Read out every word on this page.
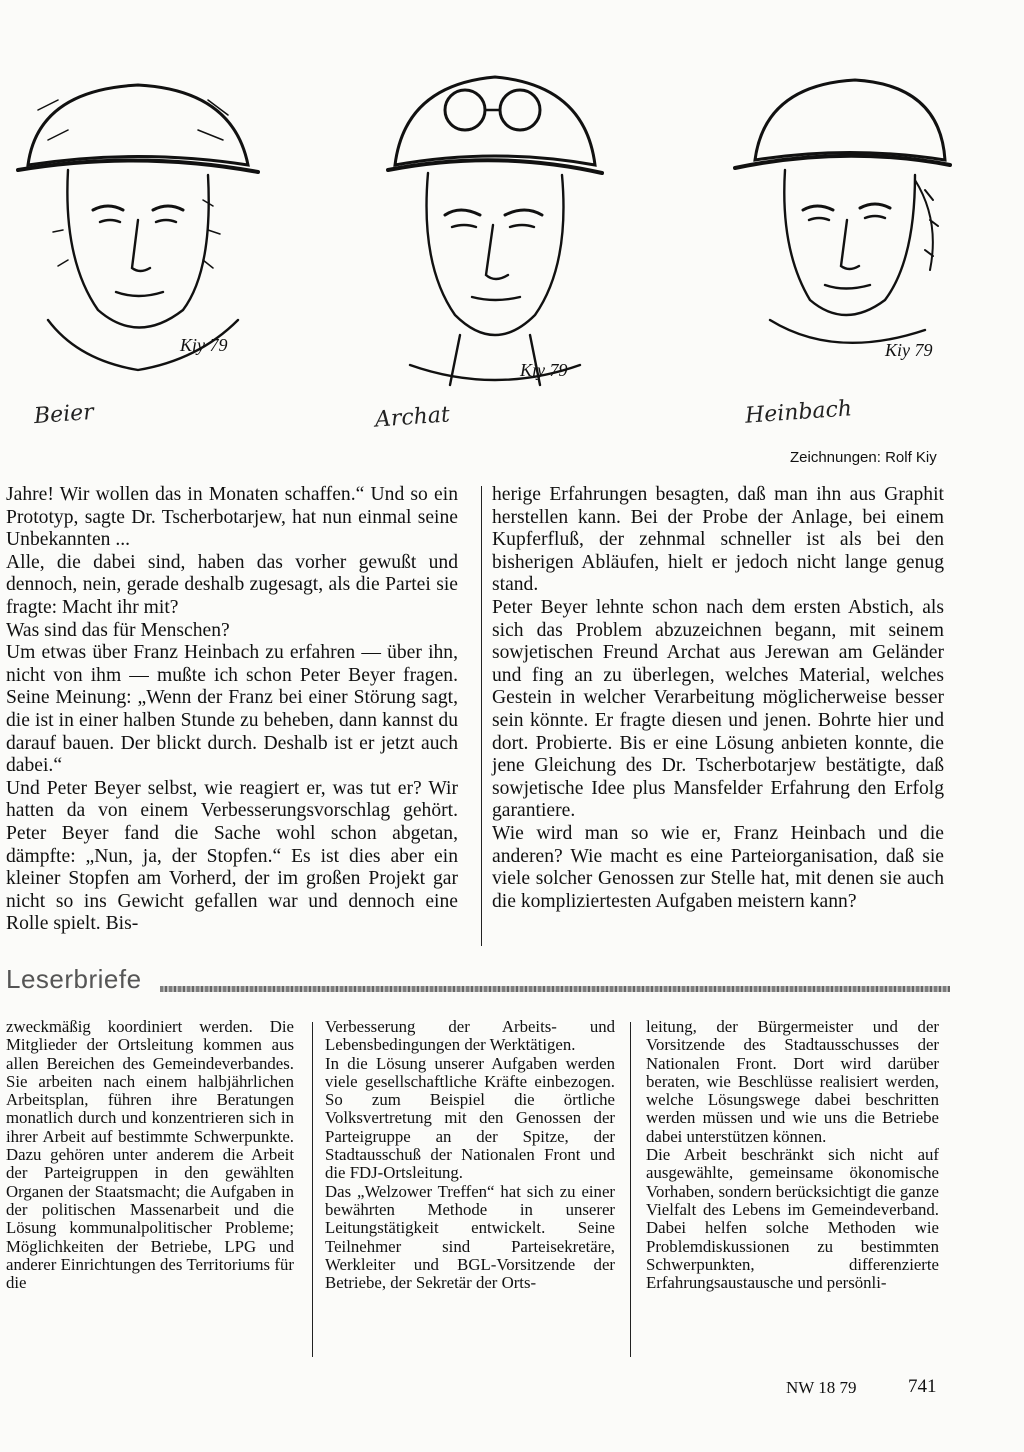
Kiy 79
Beier
Kiy 79
Archat
Kiy 79
Heinbach
Zeichnungen: Rolf Kiy

Jahre! Wir wollen das in Monaten schaffen.“ Und so ein Prototyp, sagte Dr. Tscherbotarjew, hat nun einmal seine Unbekannten ...

Alle, die dabei sind, haben das vorher gewußt und dennoch, nein, gerade deshalb zugesagt, als die Partei sie fragte: Macht ihr mit?

Was sind das für Menschen?

Um etwas über Franz Heinbach zu erfahren — über ihn, nicht von ihm — mußte ich schon Peter Beyer fragen. Seine Meinung: „Wenn der Franz bei einer Störung sagt, die ist in einer halben Stunde zu beheben, dann kannst du darauf bauen. Der blickt durch. Deshalb ist er jetzt auch dabei.“

Und Peter Beyer selbst, wie reagiert er, was tut er? Wir hatten da von einem Verbesserungsvorschlag gehört. Peter Beyer fand die Sache wohl schon abgetan, dämpfte: „Nun, ja, der Stopfen.“ Es ist dies aber ein kleiner Stopfen am Vorherd, der im großen Projekt gar nicht so ins Gewicht gefallen war und dennoch eine Rolle spielt. Bis-

herige Erfahrungen besagten, daß man ihn aus Graphit herstellen kann. Bei der Probe der Anlage, bei einem Kupferfluß, der zehnmal schneller ist als bei den bisherigen Abläufen, hielt er jedoch nicht lange genug stand.

Peter Beyer lehnte schon nach dem ersten Abstich, als sich das Problem abzuzeichnen begann, mit seinem sowjetischen Freund Archat aus Jerewan am Geländer und fing an zu überlegen, welches Material, welches Gestein in welcher Verarbeitung möglicherweise besser sein könnte. Er fragte diesen und jenen. Bohrte hier und dort. Probierte. Bis er eine Lösung anbieten konnte, die jene Gleichung des Dr. Tscherbotarjew bestätigte, daß sowjetische Idee plus Mansfelder Erfahrung den Erfolg garantiere.

Wie wird man so wie er, Franz Heinbach und die anderen? Wie macht es eine Parteiorganisation, daß sie viele solcher Genossen zur Stelle hat, mit denen sie auch die kompliziertesten Aufgaben meistern kann?

Leserbriefe

zweckmäßig koordiniert werden. Die Mitglieder der Ortsleitung kommen aus allen Bereichen des Gemeindeverbandes. Sie arbeiten nach einem halbjährlichen Arbeitsplan, führen ihre Beratungen monatlich durch und konzentrieren sich in ihrer Arbeit auf bestimmte Schwerpunkte. Dazu gehören unter anderem die Arbeit der Parteigruppen in den gewählten Organen der Staatsmacht; die Aufgaben in der politischen Massenarbeit und die Lösung kommunalpolitischer Probleme; Möglichkeiten der Betriebe, LPG und anderer Einrichtungen des Territoriums für die

Verbesserung der Arbeits- und Lebensbedingungen der Werktätigen.

In die Lösung unserer Aufgaben werden viele gesellschaftliche Kräfte einbezogen. So zum Beispiel die örtliche Volksvertretung mit den Genossen der Parteigruppe an der Spitze, der Stadtausschuß der Nationalen Front und die FDJ-Ortsleitung.

Das „Welzower Treffen“ hat sich zu einer bewährten Methode in unserer Leitungstätigkeit entwickelt. Seine Teilnehmer sind Parteisekretäre, Werkleiter und BGL-Vorsitzende der Betriebe, der Sekretär der Orts-

leitung, der Bürgermeister und der Vorsitzende des Stadtausschusses der Nationalen Front. Dort wird darüber beraten, wie Beschlüsse realisiert werden, welche Lösungswege dabei beschritten werden müssen und wie uns die Betriebe dabei unterstützen können.

Die Arbeit beschränkt sich nicht auf ausgewählte, gemeinsame ökonomische Vorhaben, sondern berücksichtigt die ganze Vielfalt des Lebens im Gemeindeverband. Dabei helfen solche Methoden wie Problemdiskussionen zu bestimmten Schwerpunkten, differenzierte Erfahrungsaustausche und persönli-

NW 18 79	741
